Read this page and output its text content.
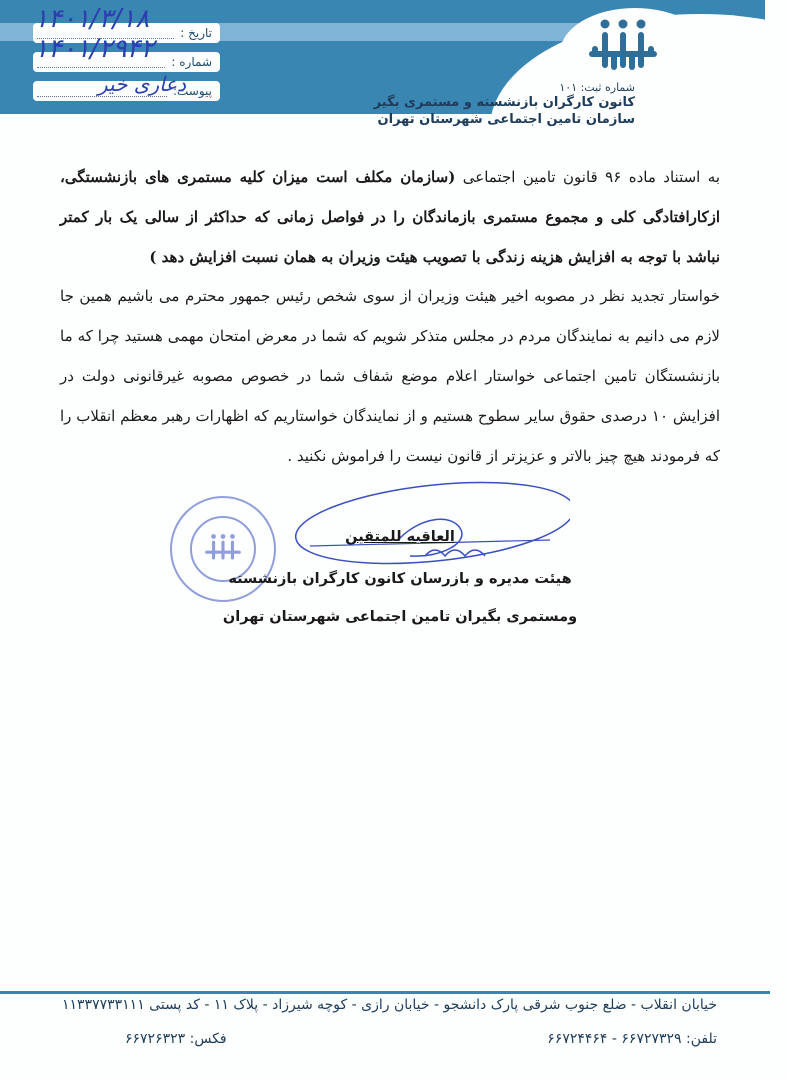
تاریخ :
شماره :
پیوست:
۱۴۰۱/۳/۱۸
۱۴۰۱/۲۹۴۲
دعاری خیر	شماره ثبت: ۱۰۱
کانون کارگران بازنشسته و مستمری بگیر
سازمان تامین اجتماعی شهرستان تهران

به استناد ماده ۹۶ قانون تامین اجتماعی (سازمان مکلف است میزان کلیه مستمری های بازنشستگی، ازکارافتادگی کلی و مجموع مستمری بازماندگان را در فواصل زمانی که حداکثر از سالی یک بار کمتر نباشد با توجه به افزایش هزینه زندگی با تصویب هیئت وزیران به همان نسبت افزایش دهد )

خواستار تجدید نظر در مصوبه اخیر هیئت وزیران از سوی شخص رئیس جمهور محترم می باشیم همین جا لازم می دانیم به نمایندگان مردم در مجلس متذکر شویم که شما در معرض امتحان مهمی هستید چرا که ما بازنشستگان تامین اجتماعی خواستار اعلام موضع شفاف شما در خصوص مصوبه غیرقانونی دولت در افزایش ۱۰ درصدی حقوق سایر سطوح هستیم و از نمایندگان خواستاریم که اظهارات رهبر معظم انقلاب را که فرمودند هیچ چیز بالاتر و عزیزتر از قانون نیست را فراموش نکنید .

العاقبه للمتقین
هیئت مدیره و بازرسان کانون کارگران بازنشسته
ومستمری بگیران تامین اجتماعی شهرستان تهران
خیابان انقلاب - ضلع جنوب شرقی پارک دانشجو - خیابان رازی - کوچه شیرزاد - پلاک ۱۱ - کد پستی ۱۱۳۳۷۷۳۳۱۱۱
تلفن: ۶۶۷۲۷۳۲۹ - ۶۶۷۲۴۴۶۴
فکس: ۶۶۷۲۶۳۲۳
